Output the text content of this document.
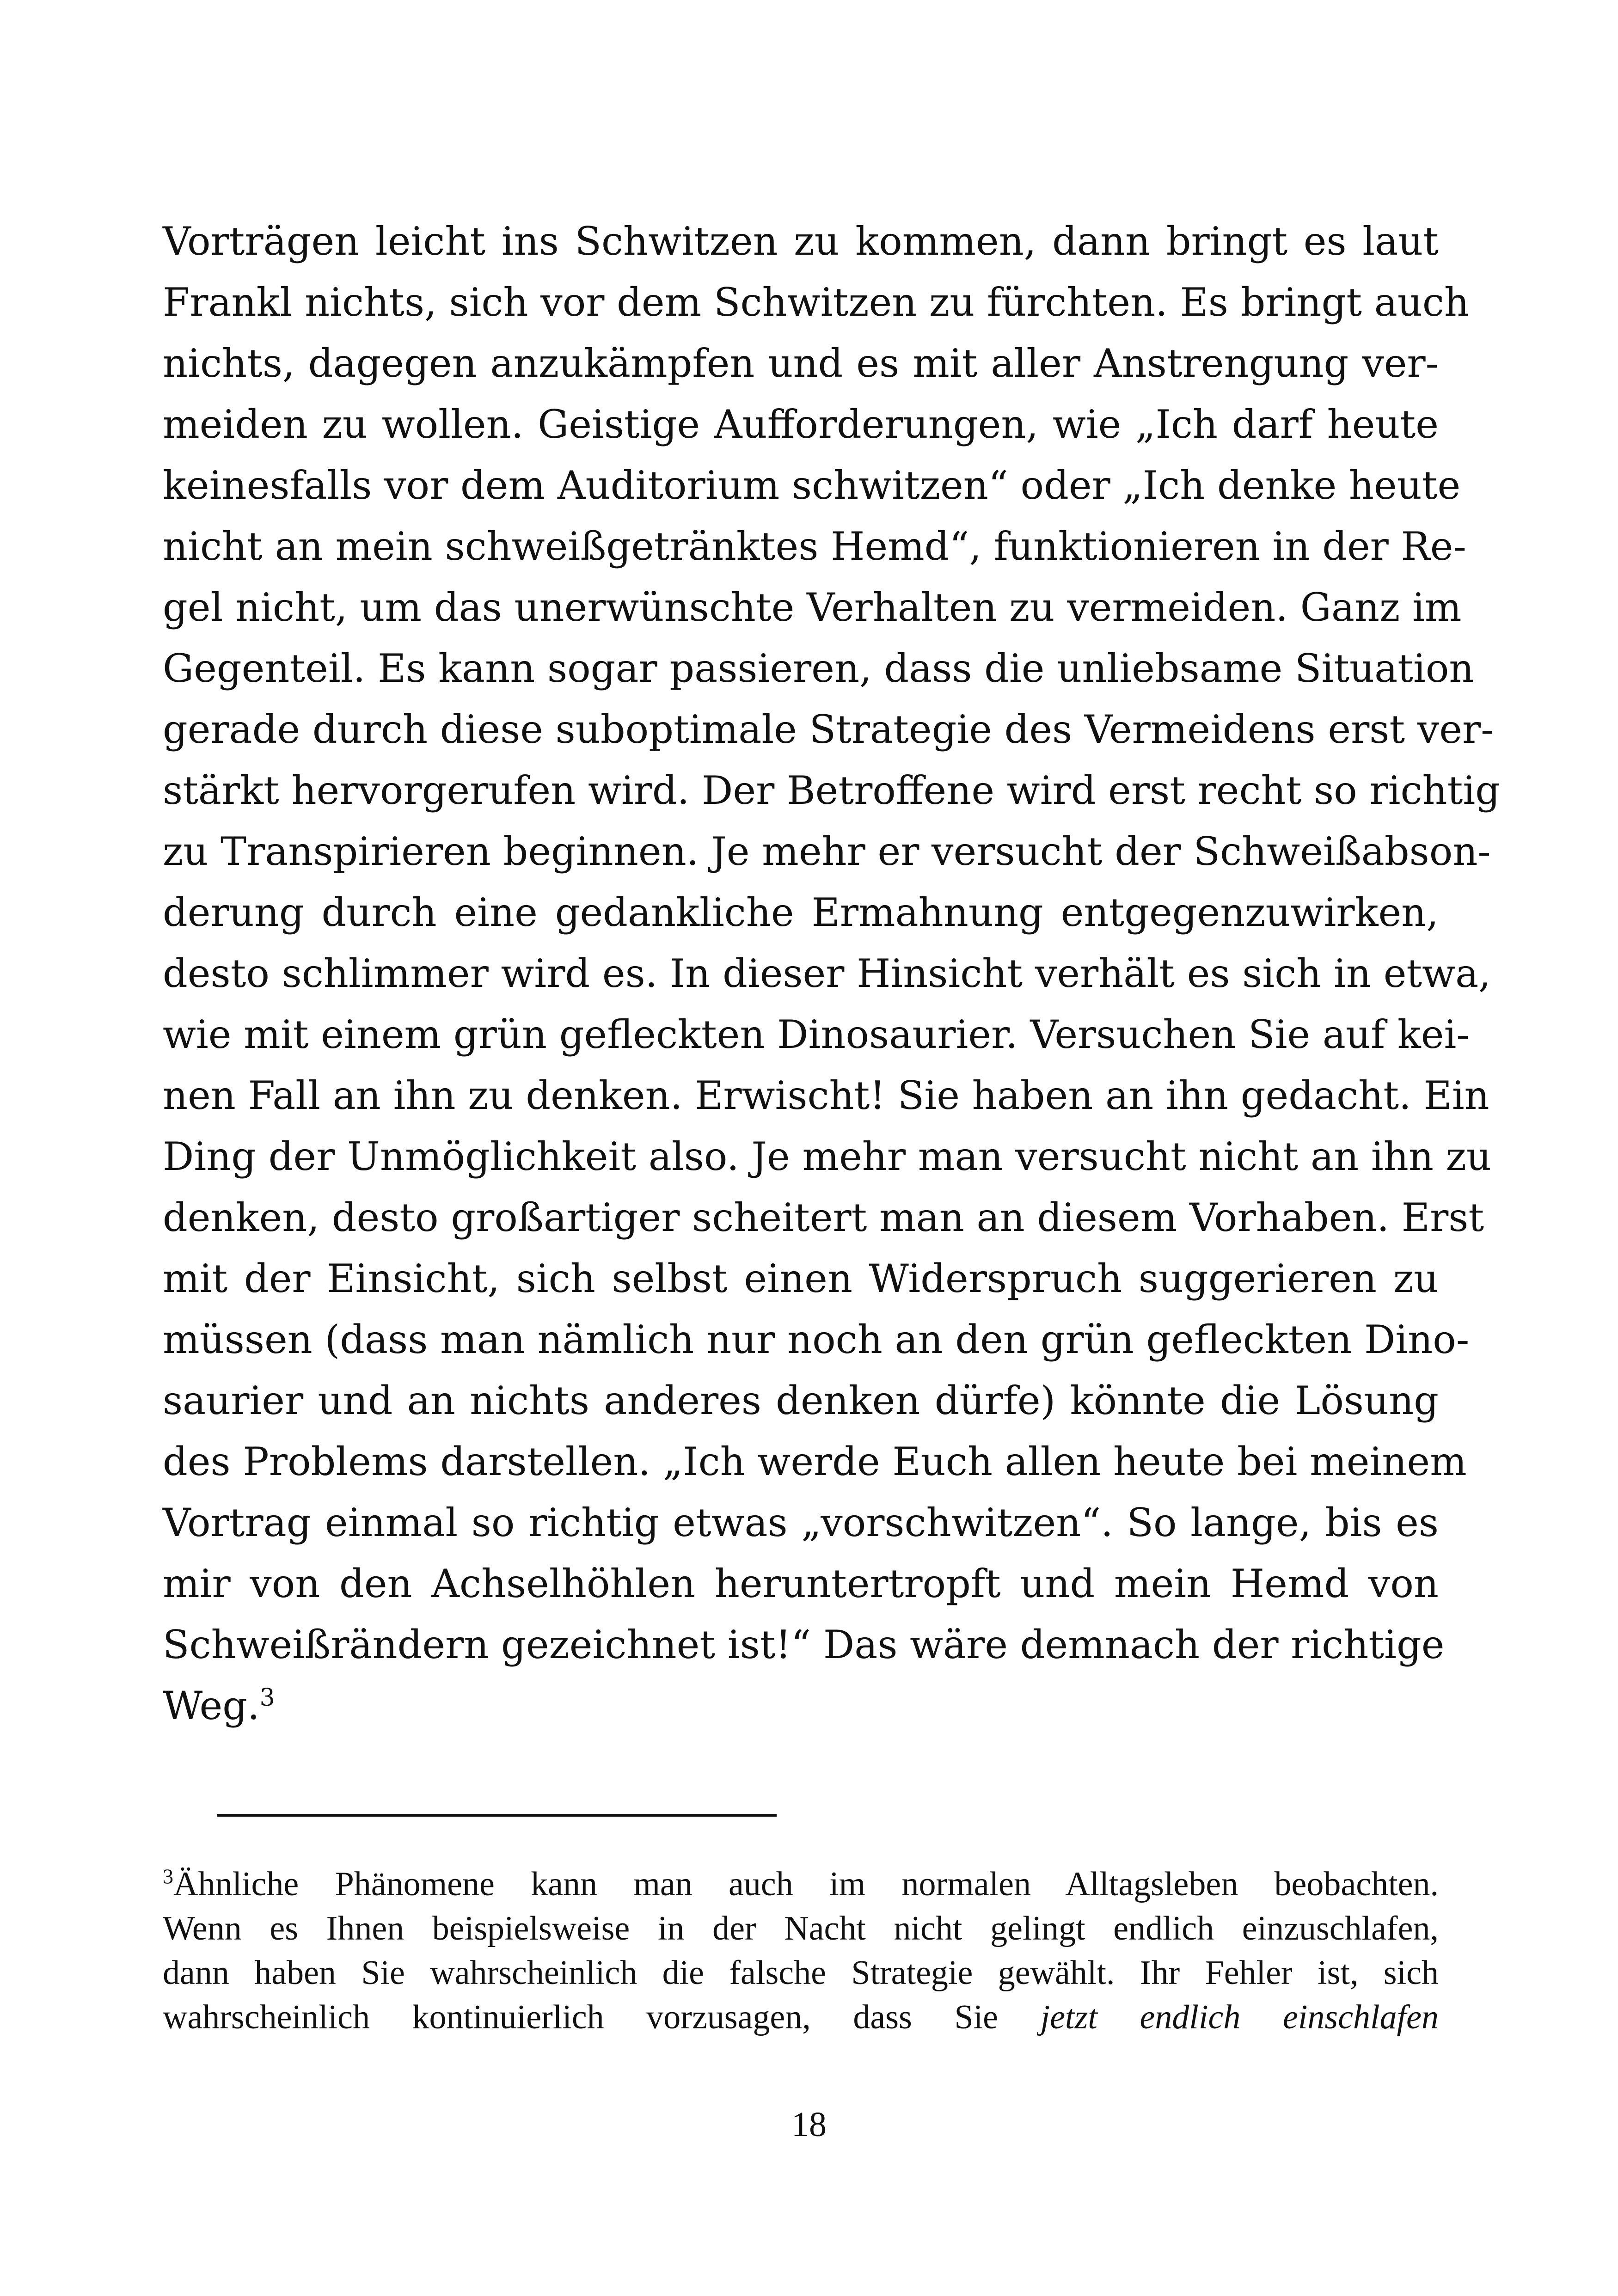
Vorträgen leicht ins Schwitzen zu kommen, dann bringt es laut
Frankl nichts, sich vor dem Schwitzen zu fürchten. Es bringt auch
nichts, dagegen anzukämpfen und es mit aller Anstrengung ver-
meiden zu wollen. Geistige Aufforderungen, wie „Ich darf heute
keinesfalls vor dem Auditorium schwitzen“ oder „Ich denke heute
nicht an mein schweißgetränktes Hemd“, funktionieren in der Re-
gel nicht, um das unerwünschte Verhalten zu vermeiden. Ganz im
Gegenteil. Es kann sogar passieren, dass die unliebsame Situation
gerade durch diese suboptimale Strategie des Vermeidens erst ver-
stärkt hervorgerufen wird. Der Betroffene wird erst recht so richtig
zu Transpirieren beginnen. Je mehr er versucht der Schweißabson-
derung durch eine gedankliche Ermahnung entgegenzuwirken,
desto schlimmer wird es. In dieser Hinsicht verhält es sich in etwa,
wie mit einem grün gefleckten Dinosaurier. Versuchen Sie auf kei-
nen Fall an ihn zu denken. Erwischt! Sie haben an ihn gedacht. Ein
Ding der Unmöglichkeit also. Je mehr man versucht nicht an ihn zu
denken, desto großartiger scheitert man an diesem Vorhaben. Erst
mit der Einsicht, sich selbst einen Widerspruch suggerieren zu
müssen (dass man nämlich nur noch an den grün gefleckten Dino-
saurier und an nichts anderes denken dürfe) könnte die Lösung
des Problems darstellen. „Ich werde Euch allen heute bei meinem
Vortrag einmal so richtig etwas „vorschwitzen“. So lange, bis es
mir von den Achselhöhlen heruntertropft und mein Hemd von
Schweißrändern gezeichnet ist!“ Das wäre demnach der richtige
Weg.$^3$
$^3$Ähnliche Phänomene kann man auch im normalen Alltagsleben beobachten.
Wenn es Ihnen beispielsweise in der Nacht nicht gelingt endlich einzuschlafen,
dann haben Sie wahrscheinlich die falsche Strategie gewählt. Ihr Fehler ist, sich
wahrscheinlich kontinuierlich vorzusagen, dass Sie jetzt endlich einschlafen
18
